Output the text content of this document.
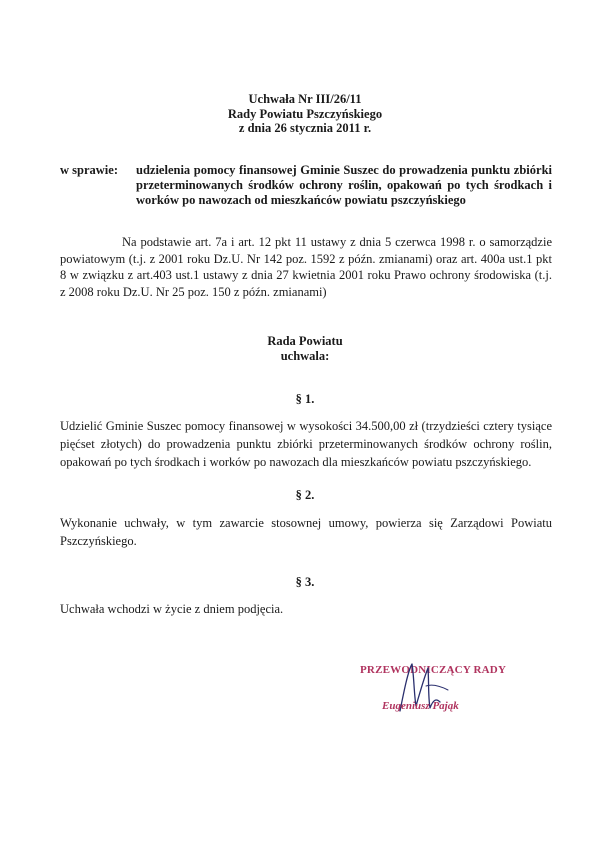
Uchwała Nr III/26/11
Rady Powiatu Pszczyńskiego
z dnia 26 stycznia 2011 r.
w sprawie: udzielenia pomocy finansowej Gminie Suszec do prowadzenia punktu zbiórki przeterminowanych środków ochrony roślin, opakowań po tych środkach i worków po nawozach od mieszkańców powiatu pszczyńskiego
Na podstawie art. 7a i art. 12 pkt 11 ustawy z dnia 5 czerwca 1998 r. o samorządzie powiatowym (t.j. z 2001 roku Dz.U. Nr 142 poz. 1592 z późn. zmianami) oraz art. 400a ust.1 pkt 8 w związku z art.403 ust.1 ustawy z dnia 27 kwietnia 2001 roku Prawo ochrony środowiska (t.j. z 2008 roku Dz.U. Nr 25 poz. 150 z późn. zmianami)
Rada Powiatu
uchwala:
§ 1.
Udzielić Gminie Suszec pomocy finansowej w wysokości 34.500,00 zł (trzydzieści cztery tysiące pięćset złotych) do prowadzenia punktu zbiórki przeterminowanych środków ochrony roślin, opakowań po tych środkach i worków po nawozach dla mieszkańców powiatu pszczyńskiego.
§ 2.
Wykonanie uchwały, w tym zawarcie stosownej umowy, powierza się Zarządowi Powiatu Pszczyńskiego.
§ 3.
Uchwała wchodzi w życie z dniem podjęcia.
PRZEWODNICZĄCY RADY
Eugeniusz Pająk
